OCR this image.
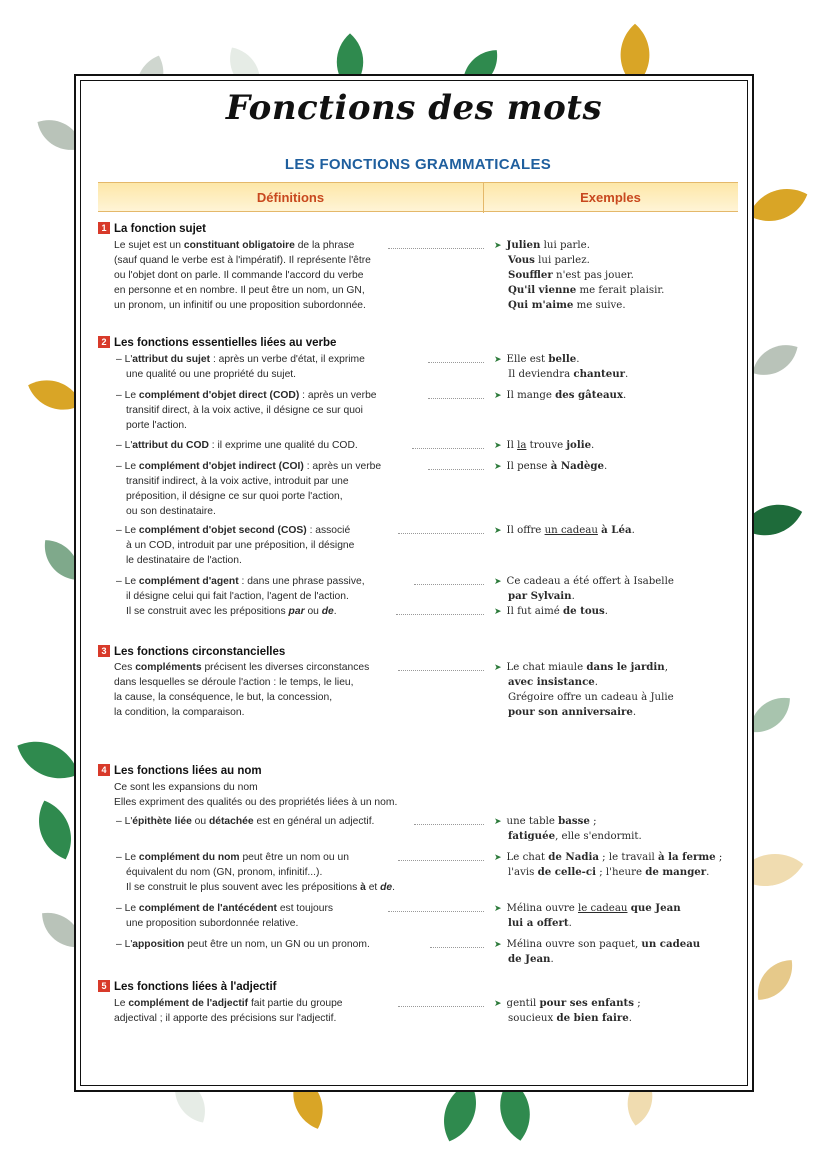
Fonctions des mots
LES FONCTIONS GRAMMATICALES
Définitions	Exemples
1 La fonction sujet
Le sujet est un constituant obligatoire de la phrase
(sauf quand le verbe est à l'impératif). Il représente l'être
ou l'objet dont on parle. Il commande l'accord du verbe
en personne et en nombre. Il peut être un nom, un GN,
un pronom, un infinitif ou une proposition subordonnée.
➤ Julien lui parle.
Vous lui parlez.
Souffler n'est pas jouer.
Qu'il vienne me ferait plaisir.
Qui m'aime me suive.
2 Les fonctions essentielles liées au verbe
– L'attribut du sujet : après un verbe d'état, il exprime
une qualité ou une propriété du sujet.
➤ Elle est belle.
Il deviendra chanteur.
– Le complément d'objet direct (COD) : après un verbe
transitif direct, à la voix active, il désigne ce sur quoi
porte l'action.
➤ Il mange des gâteaux.
– L'attribut du COD : il exprime une qualité du COD.	➤ Il la trouve jolie.
– Le complément d'objet indirect (COI) : après un verbe
transitif indirect, à la voix active, introduit par une
préposition, il désigne ce sur quoi porte l'action,
ou son destinataire.
➤ Il pense à Nadège.
– Le complément d'objet second (COS) : associé
à un COD, introduit par une préposition, il désigne
le destinataire de l'action.
➤ Il offre un cadeau à Léa.
– Le complément d'agent : dans une phrase passive,
il désigne celui qui fait l'action, l'agent de l'action.
Il se construit avec les prépositions par ou de.
➤ Ce cadeau a été offert à Isabelle
par Sylvain.
➤ Il fut aimé de tous.
3 Les fonctions circonstancielles
Ces compléments précisent les diverses circonstances
dans lesquelles se déroule l'action : le temps, le lieu,
la cause, la conséquence, le but, la concession,
la condition, la comparaison.
➤ Le chat miaule dans le jardin,
avec insistance.
Grégoire offre un cadeau à Julie
pour son anniversaire.
4 Les fonctions liées au nom
Ce sont les expansions du nom
Elles expriment des qualités ou des propriétés liées à un nom.
– L'épithète liée ou détachée est en général un adjectif.	➤ une table basse ;
fatiguée, elle s'endormit.
– Le complément du nom peut être un nom ou un
équivalent du nom (GN, pronom, infinitif...).
Il se construit le plus souvent avec les prépositions à et de.
➤ Le chat de Nadia ; le travail à la ferme ;
l'avis de celle-ci ; l'heure de manger.
– Le complément de l'antécédent est toujours
une proposition subordonnée relative.
➤ Mélina ouvre le cadeau que Jean
lui a offert.
– L'apposition peut être un nom, un GN ou un pronom.	➤ Mélina ouvre son paquet, un cadeau
de Jean.
5 Les fonctions liées à l'adjectif
Le complément de l'adjectif fait partie du groupe
adjectival ; il apporte des précisions sur l'adjectif.
➤ gentil pour ses enfants ;
soucieux de bien faire.
